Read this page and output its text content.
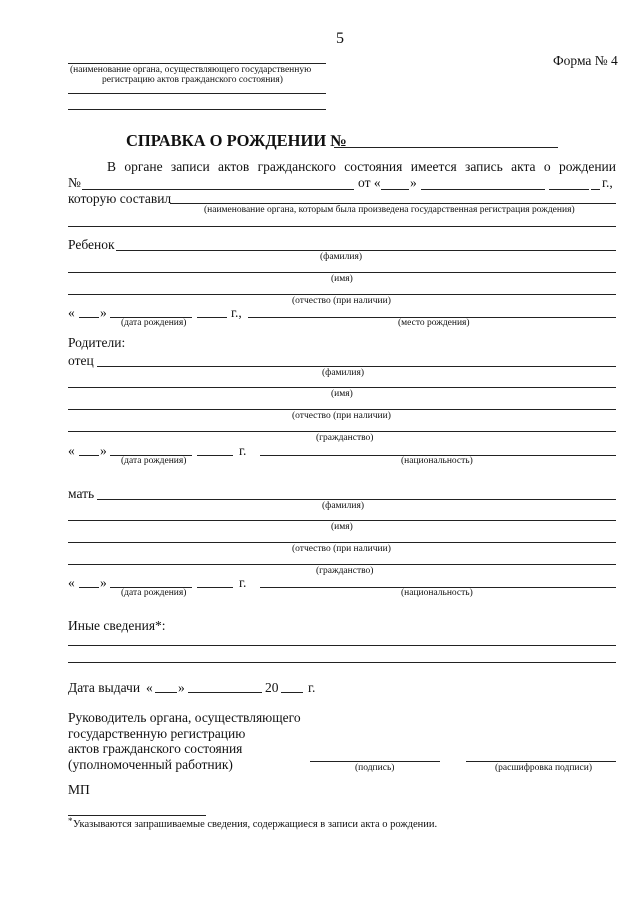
5
Форма № 4
(наименование органа, осуществляющего государственную
регистрацию актов гражданского состояния)
СПРАВКА О РОЖДЕНИИ №
В органе записи актов гражданского состояния имеется запись акта о рождении
№	от « »	г.,
которую составил
(наименование органа, которым была произведена государственная регистрация рождения)
Ребенок
(фамилия)
(имя)
(отчество (при наличии)
« »	г.,
(дата рождения)	(место рождения)
Родители:
отец
(фамилия)
(имя)
(отчество (при наличии)
(гражданство)
« »	г.
(дата рождения)	(национальность)
мать
(фамилия)
(имя)
(отчество (при наличии)
(гражданство)
« »	г.
(дата рождения)	(национальность)
Иные сведения*:
Дата выдачи « »	20 г.
Руководитель органа, осуществляющего
государственную регистрацию
актов гражданского состояния
(уполномоченный работник)	(подпись)	(расшифровка подписи)
МП
* Указываются запрашиваемые сведения, содержащиеся в записи акта о рождении.
